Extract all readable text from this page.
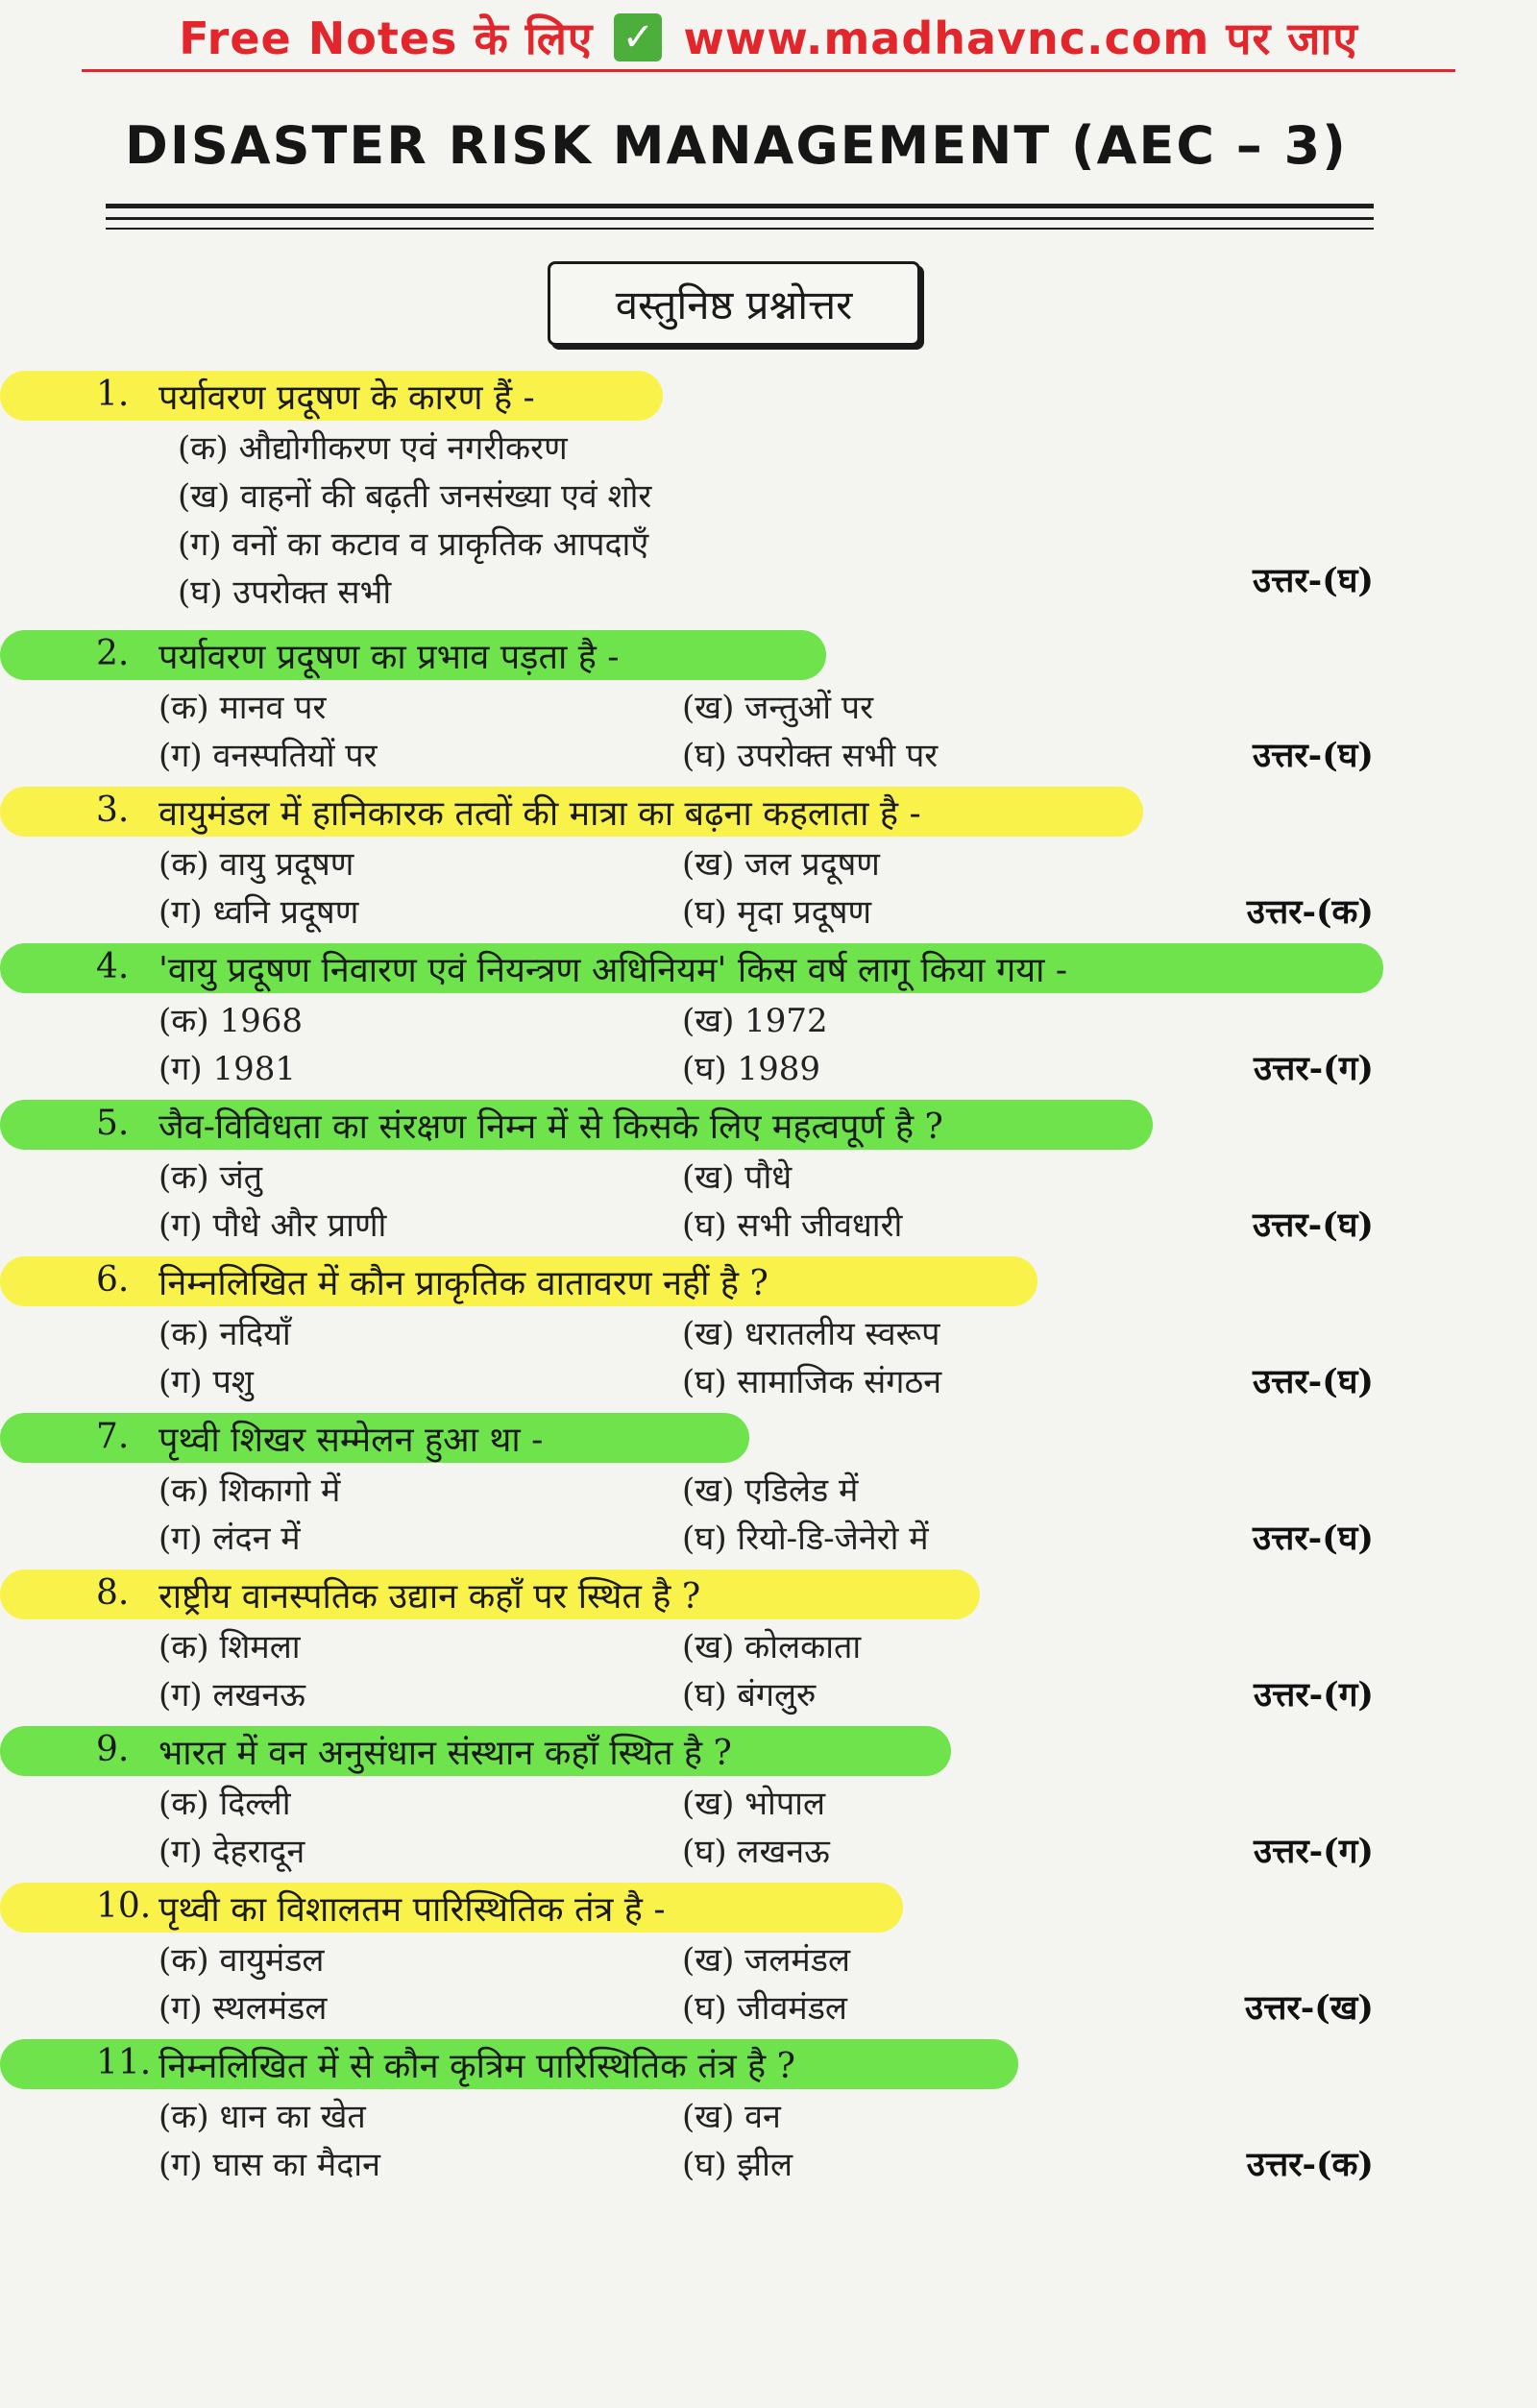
Free Notes के लिए ✓ www.madhavnc.com पर जाए
DISASTER RISK MANAGEMENT (AEC – 3)
वस्तुनिष्ठ प्रश्नोत्तर
1. पर्यावरण प्रदूषण के कारण हैं -
(क) औद्योगीकरण एवं नगरीकरण
(ख) वाहनों की बढ़ती जनसंख्या एवं शोर
(ग) वनों का कटाव व प्राकृतिक आपदाएँ
(घ) उपरोक्त सभी	उत्तर-(घ)
2. पर्यावरण प्रदूषण का प्रभाव पड़ता है -
(क) मानव पर	(ख) जन्तुओं पर
(ग) वनस्पतियों पर	(घ) उपरोक्त सभी पर	उत्तर-(घ)
3. वायुमंडल में हानिकारक तत्वों की मात्रा का बढ़ना कहलाता है -
(क) वायु प्रदूषण	(ख) जल प्रदूषण
(ग) ध्वनि प्रदूषण	(घ) मृदा प्रदूषण	उत्तर-(क)
4. 'वायु प्रदूषण निवारण एवं नियन्त्रण अधिनियम' किस वर्ष लागू किया गया -
(क) 1968	(ख) 1972
(ग) 1981	(घ) 1989	उत्तर-(ग)
5. जैव-विविधता का संरक्षण निम्न में से किसके लिए महत्वपूर्ण है ?
(क) जंतु	(ख) पौधे
(ग) पौधे और प्राणी	(घ) सभी जीवधारी	उत्तर-(घ)
6. निम्नलिखित में कौन प्राकृतिक वातावरण नहीं है ?
(क) नदियाँ	(ख) धरातलीय स्वरूप
(ग) पशु	(घ) सामाजिक संगठन	उत्तर-(घ)
7. पृथ्वी शिखर सम्मेलन हुआ था -
(क) शिकागो में	(ख) एडिलेड में
(ग) लंदन में	(घ) रियो-डि-जेनेरो में	उत्तर-(घ)
8. राष्ट्रीय वानस्पतिक उद्यान कहाँ पर स्थित है ?
(क) शिमला	(ख) कोलकाता
(ग) लखनऊ	(घ) बंगलुरु	उत्तर-(ग)
9. भारत में वन अनुसंधान संस्थान कहाँ स्थित है ?
(क) दिल्ली	(ख) भोपाल
(ग) देहरादून	(घ) लखनऊ	उत्तर-(ग)
10. पृथ्वी का विशालतम पारिस्थितिक तंत्र है -
(क) वायुमंडल	(ख) जलमंडल
(ग) स्थलमंडल	(घ) जीवमंडल	उत्तर-(ख)
11. निम्नलिखित में से कौन कृत्रिम पारिस्थितिक तंत्र है ?
(क) धान का खेत	(ख) वन
(ग) घास का मैदान	(घ) झील	उत्तर-(क)
